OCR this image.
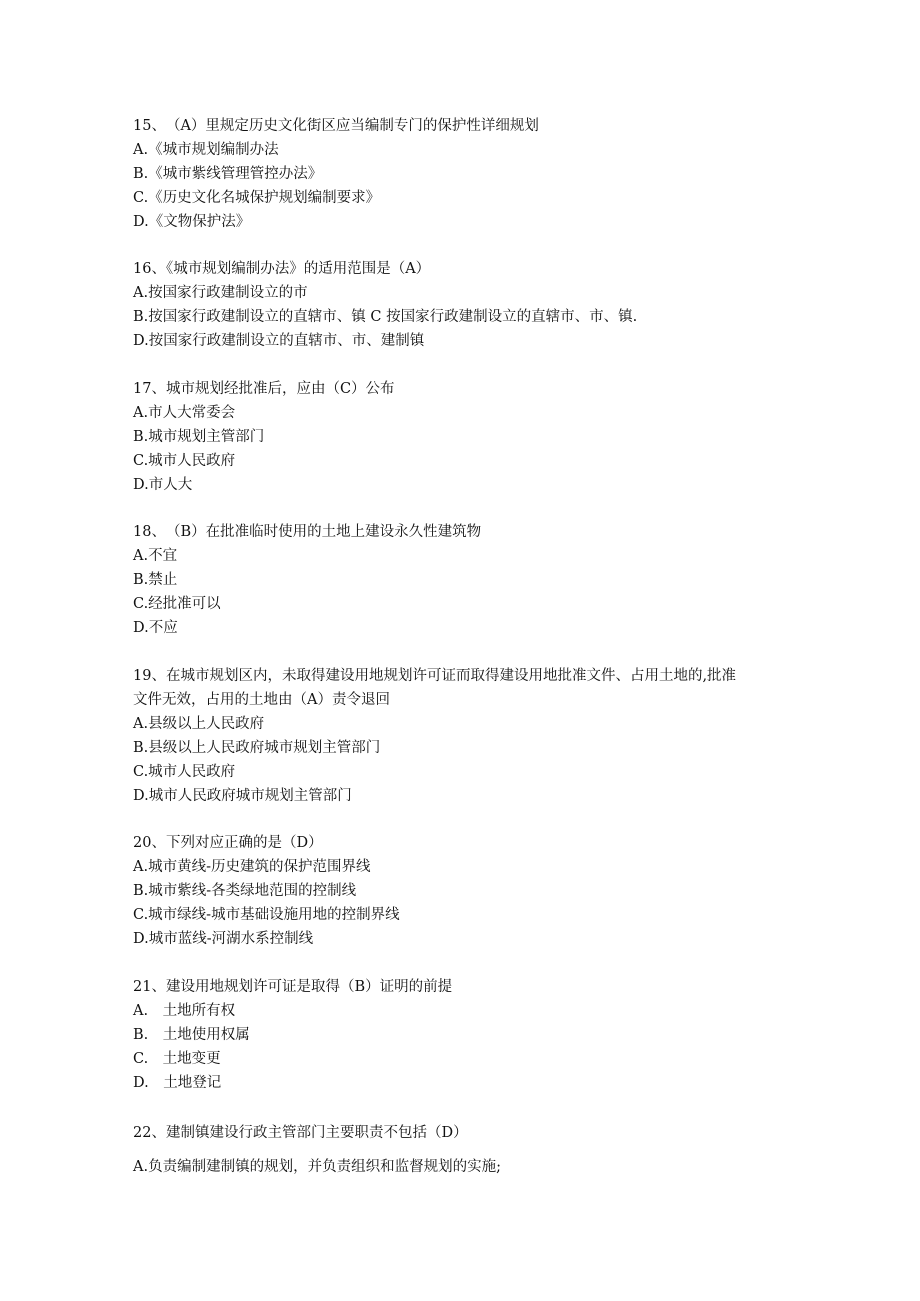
15、　（A）里规定历史文化街区应当编制专门的保护性详细规划
A.《城市规划编制办法
B.《城市紫线管理管控办法》
C.《历史文化名城保护规划编制要求》
D.《文物保护法》
16、《城市规划编制办法》的适用范围是（A）
A.按国家行政建制设立的市
B.按国家行政建制设立的直辖市、镇 C 按国家行政建制设立的直辖市、市、镇.
D.按国家行政建制设立的直辖市、市、建制镇
17、城市规划经批准后，应由（C）公布
A.市人大常委会
B.城市规划主管部门
C.城市人民政府
D.市人大
18、　（B）在批准临时使用的土地上建设永久性建筑物
A.不宜
B.禁止
C.经批准可以
D.不应
19、在城市规划区内，未取得建设用地规划许可证而取得建设用地批准文件、占用土地的,批准
文件无效，占用的土地由（A）责令退回
A.县级以上人民政府
B.县级以上人民政府城市规划主管部门
C.城市人民政府
D.城市人民政府城市规划主管部门
20、下列对应正确的是（D）
A.城市黄线-历史建筑的保护范围界线
B.城市紫线-各类绿地范围的控制线
C.城市绿线-城市基础设施用地的控制界线
D.城市蓝线-河湖水系控制线
21、建设用地规划许可证是取得（B）证明的前提
A.　土地所有权
B.　土地使用权属
C.　土地变更
D.　土地登记
22、建制镇建设行政主管部门主要职责不包括（D）
A.负责编制建制镇的规划，并负责组织和监督规划的实施;
